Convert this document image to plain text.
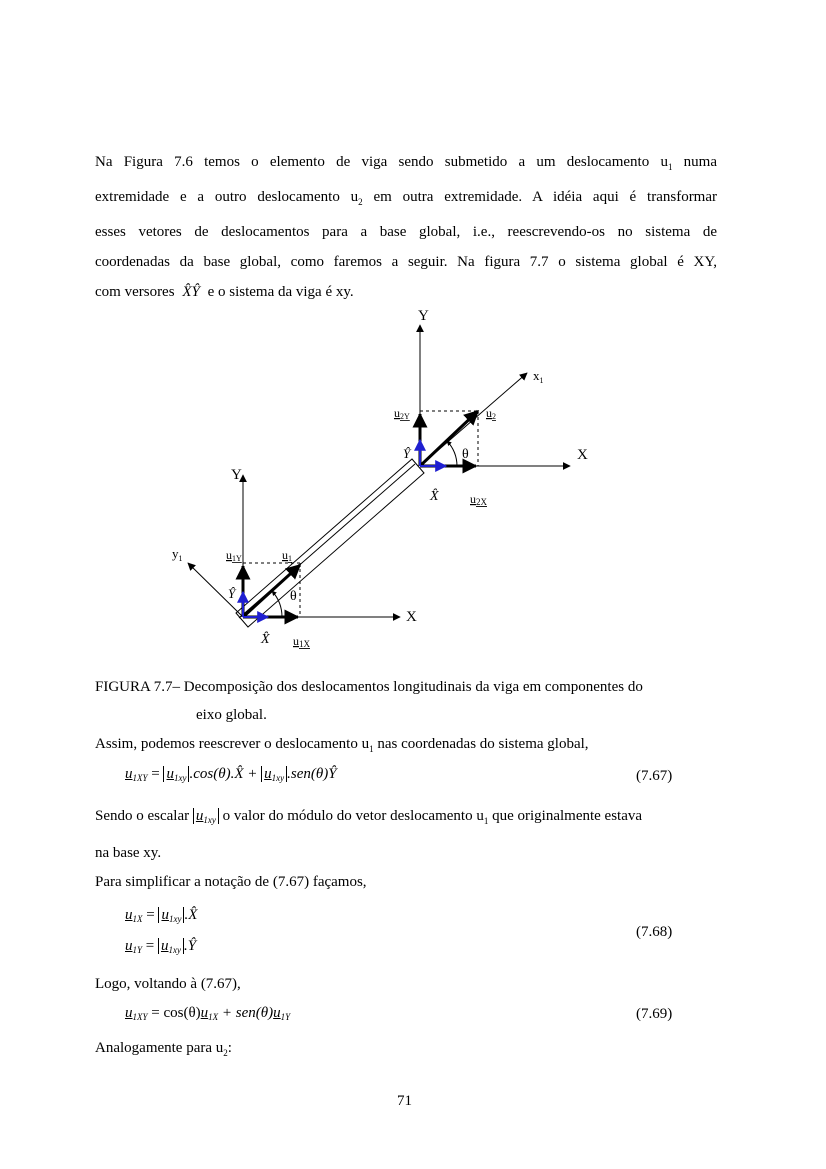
Na Figura 7.6 temos o elemento de viga sendo submetido a um deslocamento $u_1$ numa
extremidade e a outro deslocamento $u_2$ em outra extremidade. A idéia aqui é transformar
esses vetores de deslocamentos para a base global, i.e., reescrevendo-os no sistema de
coordenadas da base global, como faremos a seguir. Na figura 7.7 o sistema global é XY,
com versores X̂Ŷ e o sistema da viga é xy.
Y
X
$x_1$
u2Y	u2
Ŷ	θ
X̂	u2X
Y
$y_1$	u1Y	u1
Ŷ	θ
X
X̂ u1X
FIGURA 7.7– Decomposição dos deslocamentos longitudinais da viga em componentes do
eixo global.
Assim, podemos reescrever o deslocamento $u_1$ nas coordenadas do sistema global,
$u_{1XY} = u_{1xy}$ .cos(θ).X̂ + $u_{1xy}$ .sen(θ)Ŷ	(7.67)
Sendo o escalar $u_{1xy}$ o valor do módulo do vetor deslocamento $u_1$ que originalmente estava
na base xy.
Para simplificar a notação de (7.67) façamos,
$u_{1X} = u_{1xy}$ .X̂
$u_{1Y} = u_{1xy}$ .Ŷ
(7.68)
Logo, voltando à (7.67),
$u_{1XY} = \cos(\theta)u_{1X} + sen(\theta)u_{1Y}$	(7.69)
Analogamente para $u_2$:
71
